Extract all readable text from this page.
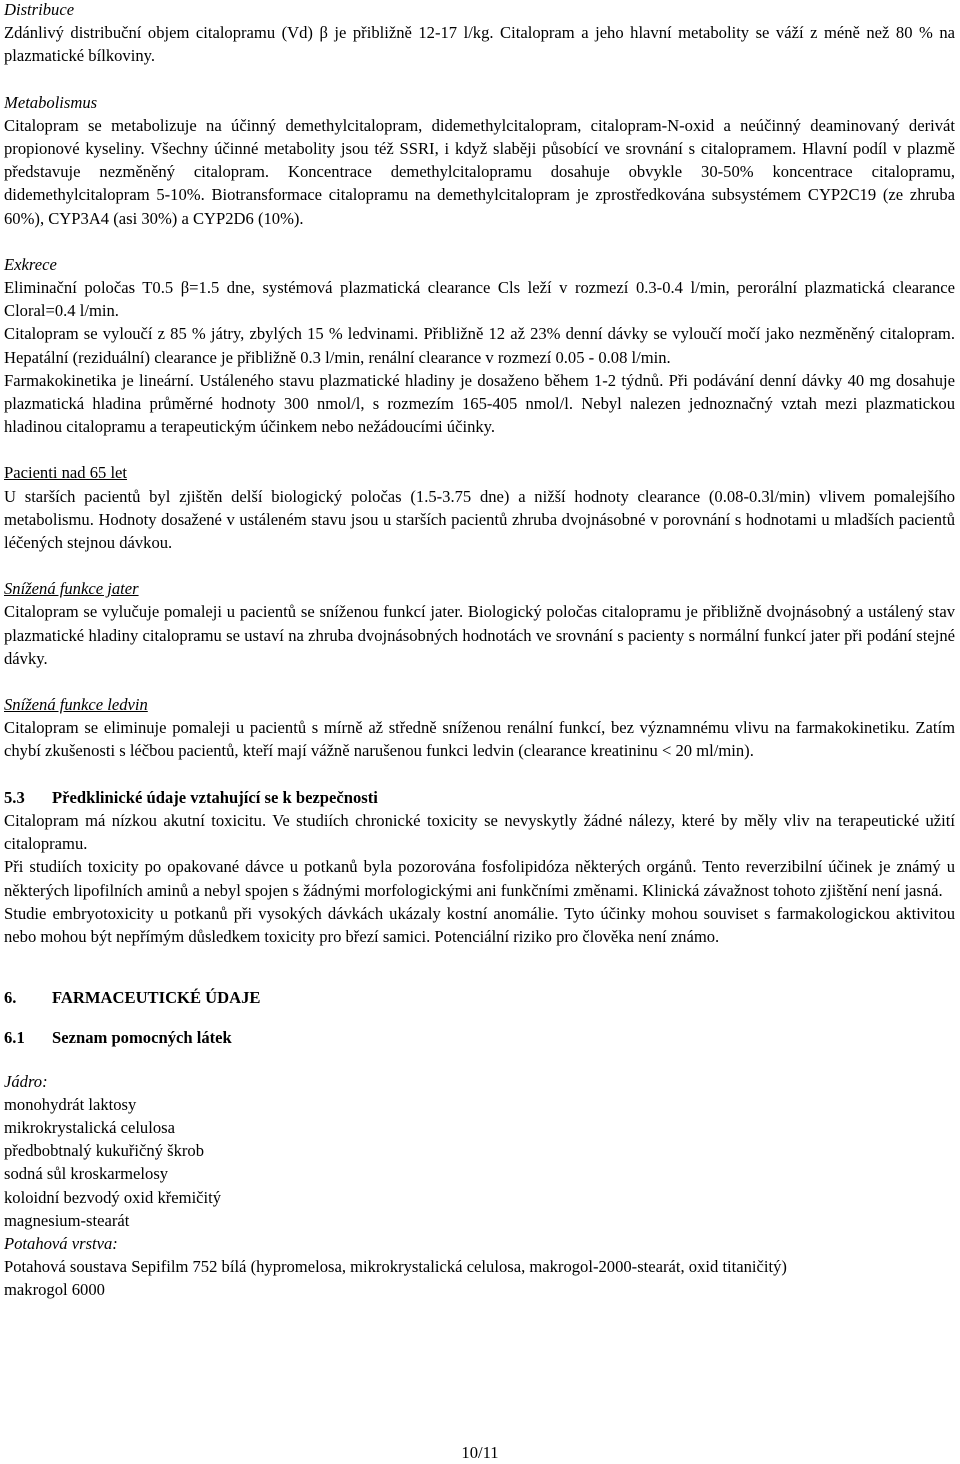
Distribuce

Zdánlivý distribuční objem citalopramu (Vd) β je přibližně 12-17 l/kg. Citalopram a jeho hlavní metabolity se váží z méně než 80 % na plazmatické bílkoviny.

Metabolismus

Citalopram se metabolizuje na účinný demethylcitalopram, didemethylcitalopram, citalopram-N-oxid a neúčinný deaminovaný derivát propionové kyseliny. Všechny účinné metabolity jsou též SSRI, i když slaběji působící ve srovnání s citalopramem. Hlavní podíl v plazmě představuje nezměněný citalopram. Koncentrace demethylcitalopramu dosahuje obvykle 30-50% koncentrace citalopramu, didemethylcitalopram 5-10%. Biotransformace citalopramu na demethylcitalopram je zprostředkována subsystémem CYP2C19 (ze zhruba 60%), CYP3A4 (asi 30%) a CYP2D6 (10%).

Exkrece

Eliminační poločas T0.5 β=1.5 dne, systémová plazmatická clearance Cls leží v rozmezí 0.3-0.4 l/min, perorální plazmatická clearance Cloral=0.4 l/min.

Citalopram se vyloučí z 85 % játry, zbylých 15 % ledvinami. Přibližně 12 až 23% denní dávky se vyloučí močí jako nezměněný citalopram. Hepatální (reziduální) clearance je přibližně 0.3 l/min, renální clearance v rozmezí 0.05 - 0.08 l/min.

Farmakokinetika je lineární. Ustáleného stavu plazmatické hladiny je dosaženo během 1-2 týdnů. Při podávání denní dávky 40 mg dosahuje plazmatická hladina průměrné hodnoty 300 nmol/l, s rozmezím 165-405 nmol/l. Nebyl nalezen jednoznačný vztah mezi plazmatickou hladinou citalopramu a terapeutickým účinkem nebo nežádoucími účinky.

Pacienti nad 65 let

U starších pacientů byl zjištěn delší biologický poločas (1.5-3.75 dne) a nižší hodnoty clearance (0.08-0.3l/min) vlivem pomalejšího metabolismu. Hodnoty dosažené v ustáleném stavu jsou u starších pacientů zhruba dvojnásobné v porovnání s hodnotami u mladších pacientů léčených stejnou dávkou.

Snížená funkce jater

Citalopram se vylučuje pomaleji u pacientů se sníženou funkcí jater. Biologický poločas citalopramu je přibližně dvojnásobný a ustálený stav plazmatické hladiny citalopramu se ustaví na zhruba dvojnásobných hodnotách ve srovnání s pacienty s normální funkcí jater při podání stejné dávky.

Snížená funkce ledvin

Citalopram se eliminuje pomaleji u pacientů s mírně až středně sníženou renální funkcí, bez významnému vlivu na farmakokinetiku. Zatím chybí zkušenosti s léčbou pacientů, kteří mají vážně narušenou funkci ledvin (clearance kreatininu < 20 ml/min).

5.3 Předklinické údaje vztahující se k bezpečnosti

Citalopram má nízkou akutní toxicitu. Ve studiích chronické toxicity se nevyskytly žádné nálezy, které by měly vliv na terapeutické užití citalopramu.

Při studiích toxicity po opakované dávce u potkanů byla pozorována fosfolipidóza některých orgánů. Tento reverzibilní účinek je známý u některých lipofilních aminů a nebyl spojen s žádnými morfologickými ani funkčními změnami. Klinická závažnost tohoto zjištění není jasná.

Studie embryotoxicity u potkanů při vysokých dávkách ukázaly kostní anomálie. Tyto účinky mohou souviset s farmakologickou aktivitou nebo mohou být nepřímým důsledkem toxicity pro březí samici. Potenciální riziko pro člověka není známo.

6. FARMACEUTICKÉ ÚDAJE

6.1 Seznam pomocných látek

Jádro:

monohydrát laktosy

mikrokrystalická celulosa

předbobtnalý kukuřičný škrob

sodná sůl kroskarmelosy

koloidní bezvodý oxid křemičitý

magnesium-stearát

Potahová vrstva:

Potahová soustava Sepifilm 752 bílá (hypromelosa, mikrokrystalická celulosa, makrogol-2000-stearát, oxid titaničitý)

makrogol 6000

10/11
